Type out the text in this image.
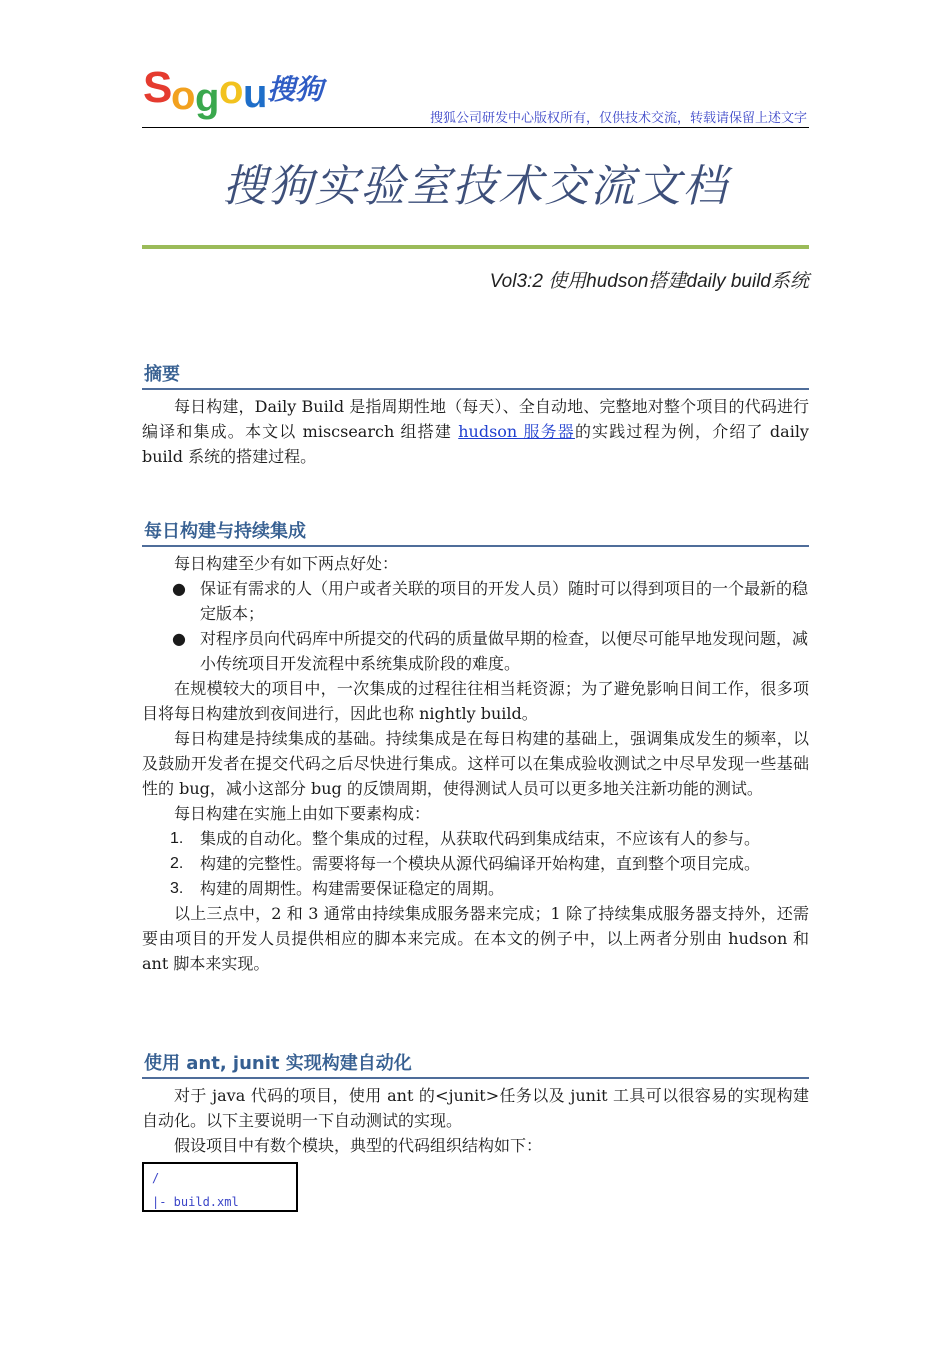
S
o g o u 搜狗
搜狐公司研发中心版权所有，仅供技术交流，转载请保留上述文字
搜狗实验室技术交流文档
Vol3:2 使用hudson搭建daily build系统
摘要

每日构建，Daily Build 是指周期性地（每天）、全自动地、完整地对整个项目的代码进行编译和集成。本文以 miscsearch 组搭建 hudson 服务器的实践过程为例，介绍了 daily build 系统的搭建过程。

每日构建与持续集成

每日构建至少有如下两点好处：

● 保证有需求的人（用户或者关联的项目的开发人员）随时可以得到项目的一个最新的稳定版本；
● 对程序员向代码库中所提交的代码的质量做早期的检查，以便尽可能早地发现问题，减小传统项目开发流程中系统集成阶段的难度。

在规模较大的项目中，一次集成的过程往往相当耗资源；为了避免影响日间工作，很多项目将每日构建放到夜间进行，因此也称 nightly build。

每日构建是持续集成的基础。持续集成是在每日构建的基础上，强调集成发生的频率，以及鼓励开发者在提交代码之后尽快进行集成。这样可以在集成验收测试之中尽早发现一些基础性的 bug，减小这部分 bug 的反馈周期，使得测试人员可以更多地关注新功能的测试。

每日构建在实施上由如下要素构成：

1. 集成的自动化。整个集成的过程，从获取代码到集成结束，不应该有人的参与。
2. 构建的完整性。需要将每一个模块从源代码编译开始构建，直到整个项目完成。
3. 构建的周期性。构建需要保证稳定的周期。

以上三点中，2 和 3 通常由持续集成服务器来完成；1 除了持续集成服务器支持外，还需要由项目的开发人员提供相应的脚本来完成。在本文的例子中，以上两者分别由 hudson 和 ant 脚本来实现。

使用 ant, junit 实现构建自动化

对于 java 代码的项目，使用 ant 的<junit>任务以及 junit 工具可以很容易的实现构建自动化。以下主要说明一下自动测试的实现。

假设项目中有数个模块，典型的代码组织结构如下：

/
|- build.xml
